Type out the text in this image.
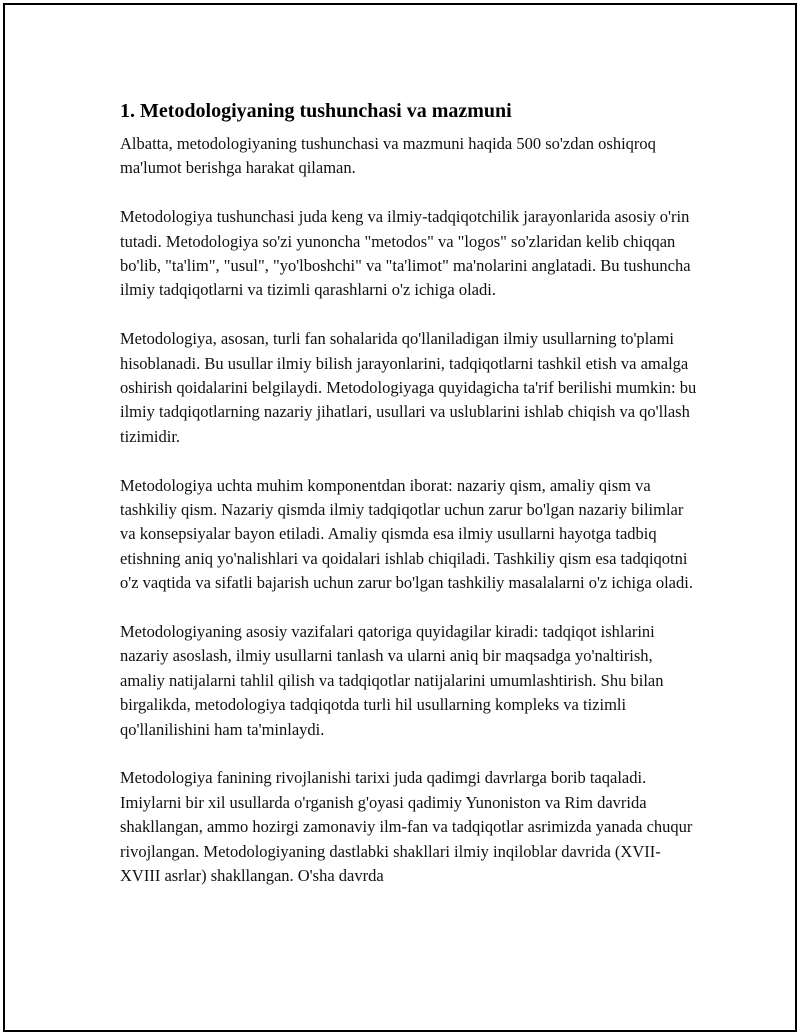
1. Metodologiyaning tushunchasi va mazmuni

Albatta, metodologiyaning tushunchasi va mazmuni haqida 500 so'zdan oshiqroq ma'lumot berishga harakat qilaman.

Metodologiya tushunchasi juda keng va ilmiy-tadqiqotchilik jarayonlarida asosiy o'rin tutadi. Metodologiya so'zi yunoncha "metodos" va "logos" so'zlaridan kelib chiqqan bo'lib, "ta'lim", "usul", "yo'lboshchi" va "ta'limot" ma'nolarini anglatadi. Bu tushuncha ilmiy tadqiqotlarni va tizimli qarashlarni o'z ichiga oladi.

Metodologiya, asosan, turli fan sohalarida qo'llaniladigan ilmiy usullarning to'plami hisoblanadi. Bu usullar ilmiy bilish jarayonlarini, tadqiqotlarni tashkil etish va amalga oshirish qoidalarini belgilaydi. Metodologiyaga quyidagicha ta'rif berilishi mumkin: bu ilmiy tadqiqotlarning nazariy jihatlari, usullari va uslublarini ishlab chiqish va qo'llash tizimidir.

Metodologiya uchta muhim komponentdan iborat: nazariy qism, amaliy qism va tashkiliy qism. Nazariy qismda ilmiy tadqiqotlar uchun zarur bo'lgan nazariy bilimlar va konsepsiyalar bayon etiladi. Amaliy qismda esa ilmiy usullarni hayotga tadbiq etishning aniq yo'nalishlari va qoidalari ishlab chiqiladi. Tashkiliy qism esa tadqiqotni o'z vaqtida va sifatli bajarish uchun zarur bo'lgan tashkiliy masalalarni o'z ichiga oladi.

Metodologiyaning asosiy vazifalari qatoriga quyidagilar kiradi: tadqiqot ishlarini nazariy asoslash, ilmiy usullarni tanlash va ularni aniq bir maqsadga yo'naltirish, amaliy natijalarni tahlil qilish va tadqiqotlar natijalarini umumlashtirish. Shu bilan birgalikda, metodologiya tadqiqotda turli hil usullarning kompleks va tizimli qo'llanilishini ham ta'minlaydi.

Metodologiya fanining rivojlanishi tarixi juda qadimgi davrlarga borib taqaladi. Imiylarni bir xil usullarda o'rganish g'oyasi qadimiy Yunoniston va Rim davrida shakllangan, ammo hozirgi zamonaviy ilm-fan va tadqiqotlar asrimizda yanada chuqur rivojlangan. Metodologiyaning dastlabki shakllari ilmiy inqiloblar davrida (XVII-XVIII asrlar) shakllangan. O'sha davrda
